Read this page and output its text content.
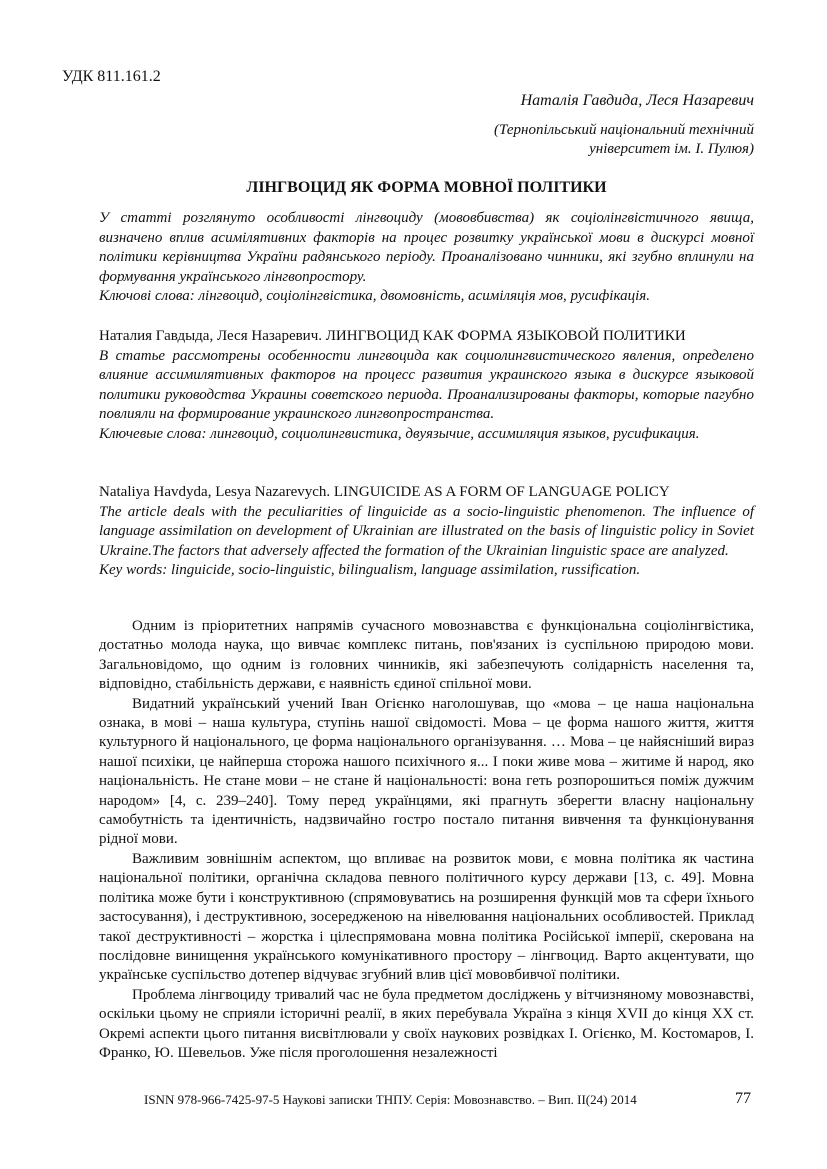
УДК 811.161.2
Наталія Гавдида, Леся Назаревич
(Тернопільський національний технічний
університет ім. І. Пулюя)
ЛІНГВОЦИД ЯК ФОРМА МОВНОЇ ПОЛІТИКИ

У статті розглянуто особливості лінгвоциду (мововбивства) як соціолінгвістичного явища, визначено вплив асимілятивних факторів на процес розвитку української мови в дискурсі мовної політики керівництва України радянського періоду. Проаналізовано чинники, які згубно вплинули на формування українського лінгвопростору.

Ключові слова: лінгвоцид, соціолінгвістика, двомовність, асиміляція мов, русифікація.

Наталия Гавдыда, Леся Назаревич. ЛИНГВОЦИД КАК ФОРМА ЯЗЫКОВОЙ ПОЛИТИКИ

В статье рассмотрены особенности лингвоцида как социолингвистического явления, определено влияние ассимилятивных факторов на процесс развития украинского языка в дискурсе языковой политики руководства Украины советского периода. Проанализированы факторы, которые пагубно повлияли на формирование украинского лингвопространства.

Ключевые слова: лингвоцид, социолингвистика, двуязычие, ассимиляция языков, русификация.

Nataliya Havdyda, Lesya Nazarevych. LINGUICIDE AS A FORM OF LANGUAGE POLICY

The article deals with the peculiarities of linguicide as a socio-linguistic phenomenon. The influence of language assimilation on development of Ukrainian are illustrated on the basis of linguistic policy in Soviet Ukraine.The factors that adversely affected the formation of the Ukrainian linguistic space are analyzed.

Key words: linguicide, socio-linguistic, bilingualism, language assimilation, russification.

Одним із пріоритетних напрямів сучасного мовознавства є функціональна соціолінгвістика, достатньо молода наука, що вивчає комплекс питань, пов'язаних із суспільною природою мови. Загальновідомо, що одним із головних чинників, які забезпечують солідарність населення та, відповідно, стабільність держави, є наявність єдиної спільної мови.

Видатний український учений Іван Огієнко наголошував, що «мова – це наша національна ознака, в мові – наша культура, ступінь нашої свідомості. Мова – це форма нашого життя, життя культурного й національного, це форма національного організування. … Мова – це найясніший вираз нашої психіки, це найперша сторожа нашого психічного я... І поки живе мова – житиме й народ, яко національність. Не стане мови – не стане й національності: вона геть розпорошиться поміж дужчим народом» [4, с. 239–240]. Тому перед українцями, які прагнуть зберегти власну національну самобутність та ідентичність, надзвичайно гостро постало питання вивчення та функціонування рідної мови.

Важливим зовнішнім аспектом, що впливає на розвиток мови, є мовна політика як частина національної політики, органічна складова певного політичного курсу держави [13, с. 49]. Мовна політика може бути і конструктивною (спрямовуватись на розширення функцій мов та сфери їхнього застосування), і деструктивною, зосередженою на нівелювання національних особливостей. Приклад такої деструктивності – жорстка і цілеспрямована мовна політика Російської імперії, скерована на послідовне винищення українського комунікативного простору – лінгвоцид. Варто акцентувати, що українське суспільство дотепер відчуває згубний влив цієї мововбивчої політики.

Проблема лінгвоциду тривалий час не була предметом досліджень у вітчизняному мовознавстві, оскільки цьому не сприяли історичні реалії, в яких перебувала Україна з кінця XVII до кінця XX ст. Окремі аспекти цього питання висвітлювали у своїх наукових розвідках І. Огієнко, М. Костомаров, І. Франко, Ю. Шевельов. Уже після проголошення незалежності

ISNN 978-966-7425-97-5 Наукові записки ТНПУ. Серія: Мовознавство. – Вип. ІІ(24) 2014	77
